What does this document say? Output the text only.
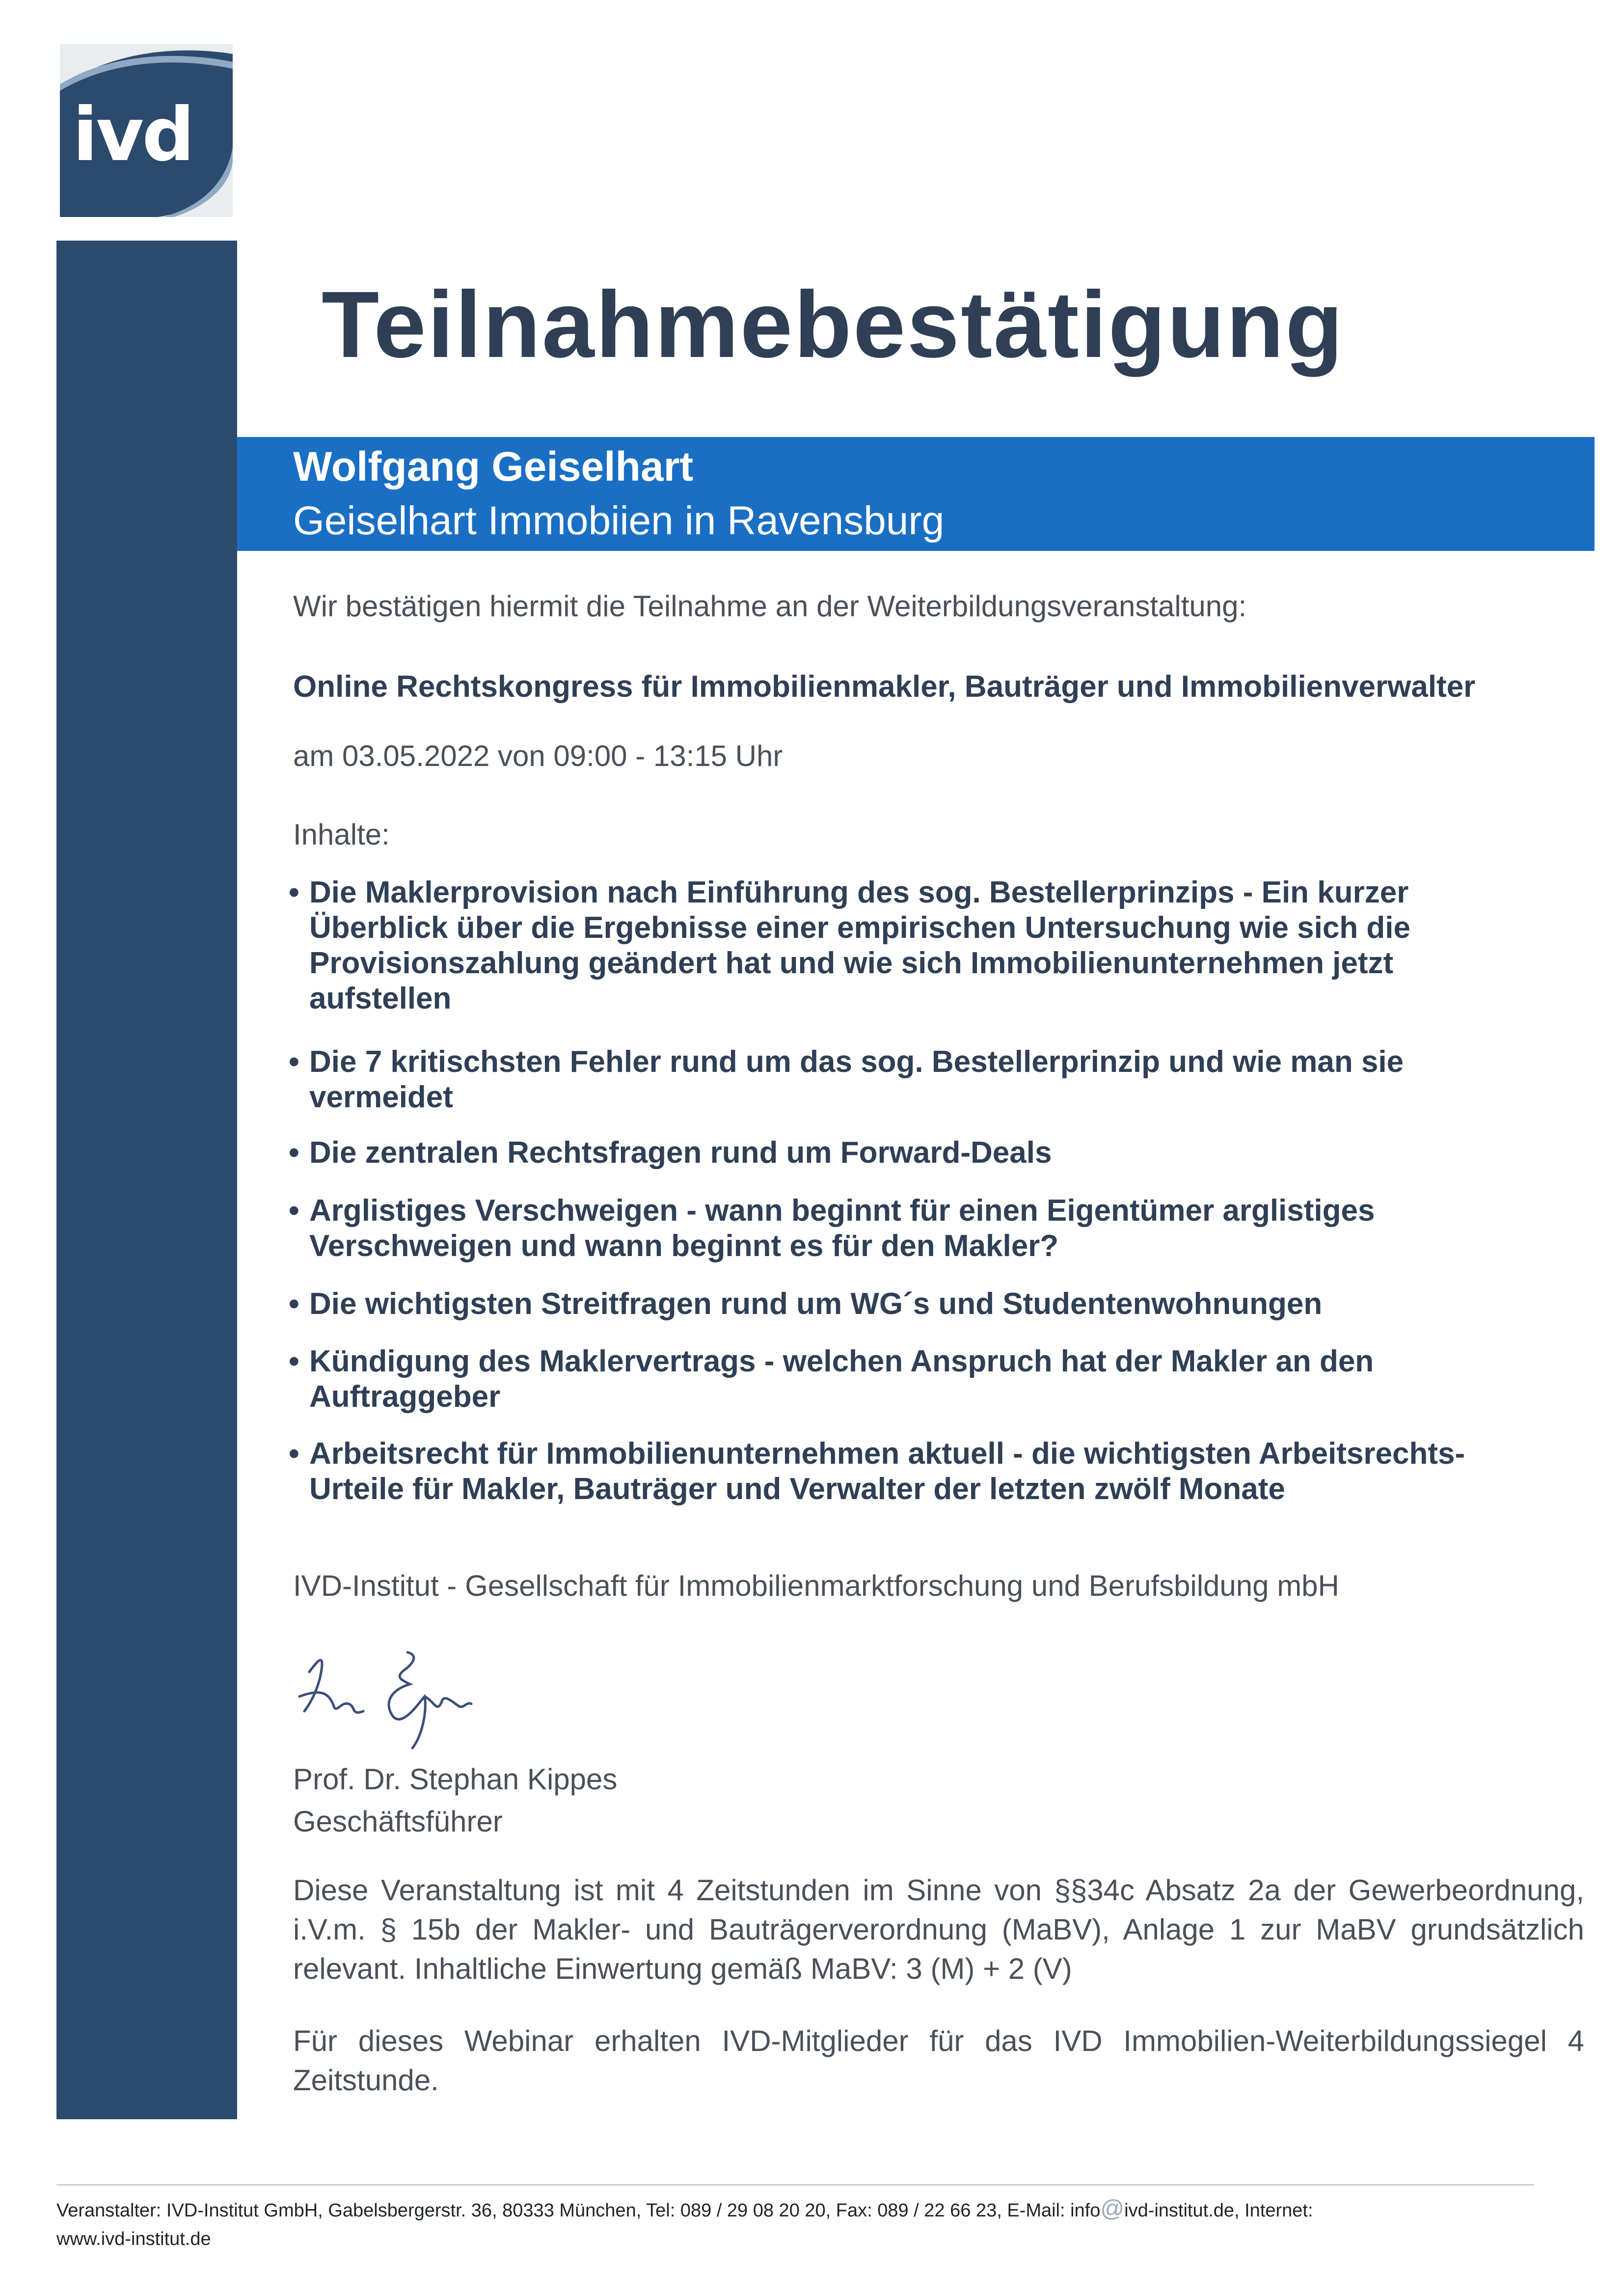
ivd
Teilnahmebestätigung
Wolfgang Geiselhart
Geiselhart Immobiien in Ravensburg
Wir bestätigen hiermit die Teilnahme an der Weiterbildungsveranstaltung:
Online Rechtskongress für Immobilienmakler, Bauträger und Immobilienverwalter
am 03.05.2022 von 09:00 - 13:15 Uhr
Inhalte:
• Die Maklerprovision nach Einführung des sog. Bestellerprinzips - Ein kurzer
Überblick über die Ergebnisse einer empirischen Untersuchung wie sich die
Provisionszahlung geändert hat und wie sich Immobilienunternehmen jetzt
aufstellen
• Die 7 kritischsten Fehler rund um das sog. Bestellerprinzip und wie man sie
vermeidet
• Die zentralen Rechtsfragen rund um Forward-Deals
• Arglistiges Verschweigen - wann beginnt für einen Eigentümer arglistiges
Verschweigen und wann beginnt es für den Makler?
• Die wichtigsten Streitfragen rund um WG´s und Studentenwohnungen
• Kündigung des Maklervertrags - welchen Anspruch hat der Makler an den
Auftraggeber
• Arbeitsrecht für Immobilienunternehmen aktuell - die wichtigsten Arbeitsrechts-
Urteile für Makler, Bauträger und Verwalter der letzten zwölf Monate
IVD-Institut - Gesellschaft für Immobilienmarktforschung und Berufsbildung mbH
Prof. Dr. Stephan Kippes
Geschäftsführer
Diese Veranstaltung ist mit 4 Zeitstunden im Sinne von §§34c Absatz 2a der Gewerbeordnung, i.V.m. § 15b der Makler- und Bauträgerverordnung (MaBV), Anlage 1 zur MaBV grundsätzlich relevant. Inhaltliche Einwertung gemäß MaBV: 3 (M) + 2 (V)
Für dieses Webinar erhalten IVD-Mitglieder für das IVD Immobilien-Weiterbildungssiegel 4 Zeitstunde.
Veranstalter: IVD-Institut GmbH, Gabelsbergerstr. 36, 80333 München, Tel: 089 / 29 08 20 20, Fax: 089 / 22 66 23, E-Mail: info@ivd-institut.de, Internet:
www.ivd-institut.de
